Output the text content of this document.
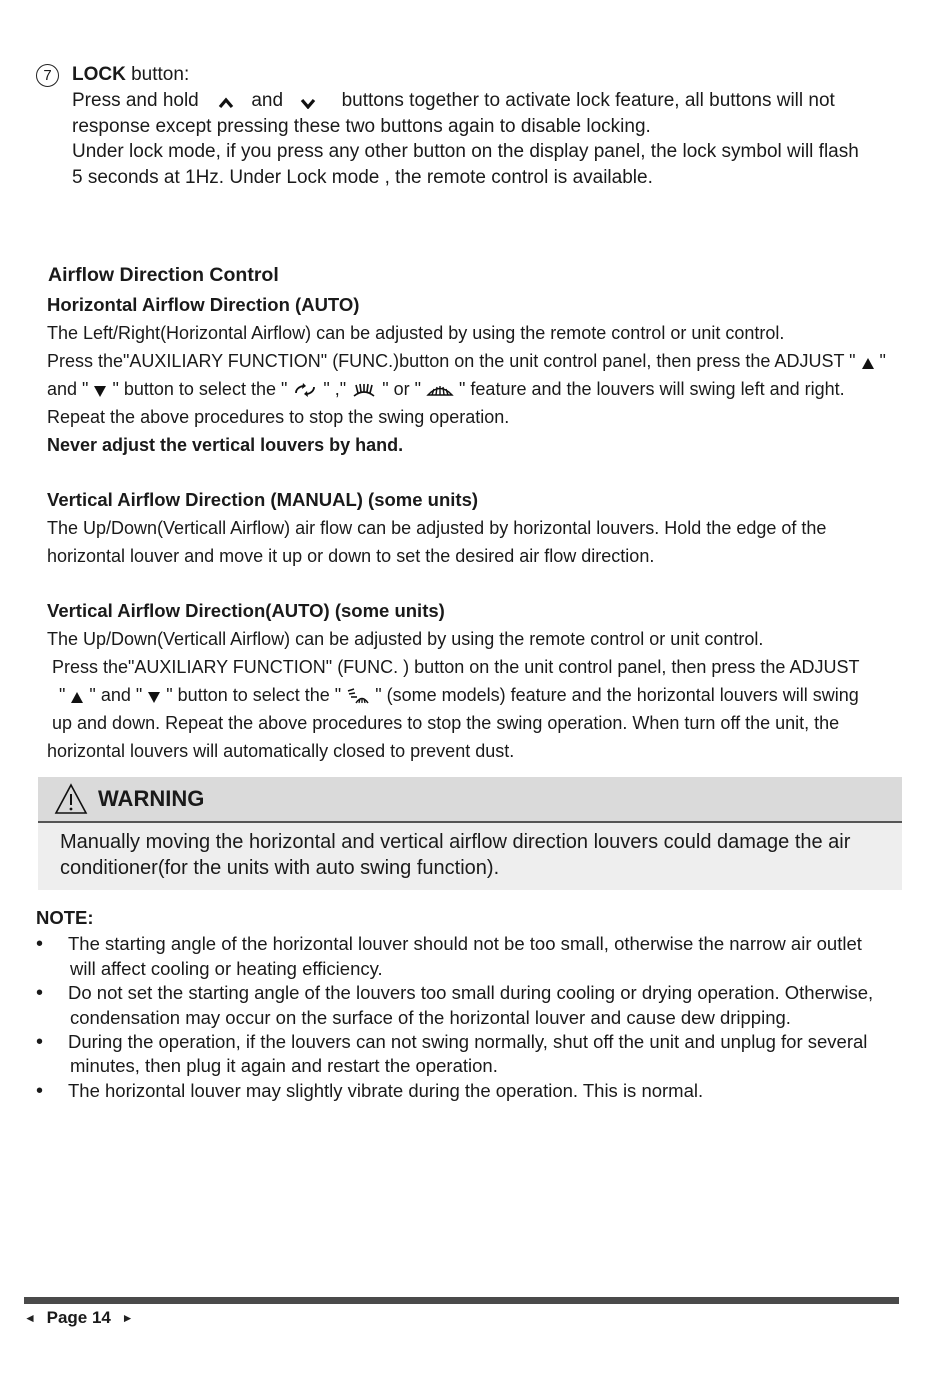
7	LOCK button:
Press and hold	and	buttons together to activate lock feature, all buttons will not
response except pressing these two buttons again to disable locking.
Under lock mode, if you press any other button on the display panel, the lock symbol will flash
5 seconds at 1Hz. Under Lock mode , the remote control is available.
Airflow Direction Control
Horizontal Airflow Direction (AUTO)
The Left/Right(Horizontal Airflow) can be adjusted by using the remote control or unit control.
Press the"AUXILIARY FUNCTION" (FUNC.)button on the unit control panel, then press the ADJUST " "
and " " button to select the " " ," " or " " feature and the louvers will swing left and right.
Repeat the above procedures to stop the swing operation.
Never adjust the vertical louvers by hand.
Vertical Airflow Direction (MANUAL) (some units)
The Up/Down(Verticall Airflow) air flow can be adjusted by horizontal louvers. Hold the edge of the
horizontal louver and move it up or down to set the desired air flow direction.
Vertical Airflow Direction(AUTO) (some units)
The Up/Down(Verticall Airflow) can be adjusted by using the remote control or unit control.
Press the"AUXILIARY FUNCTION" (FUNC. ) button on the unit control panel, then press the ADJUST
" " and " " button to select the " " (some models) feature and the horizontal louvers will swing
up and down. Repeat the above procedures to stop the swing operation. When turn off the unit, the
horizontal louvers will automatically closed to prevent dust.
WARNING
Manually moving the horizontal and vertical airflow direction louvers could damage the air conditioner(for the units with auto swing function).
NOTE:
• The starting angle of the horizontal louver should not be too small, otherwise the narrow air outlet
will affect cooling or heating efficiency.
• Do not set the starting angle of the louvers too small during cooling or drying operation. Otherwise,
condensation may occur on the surface of the horizontal louver and cause dew dripping.
• During the operation, if the louvers can not swing normally, shut off the unit and unplug for several
minutes, then plug it again and restart the operation.
• The horizontal louver may slightly vibrate during the operation. This is normal.
◄ Page 14 ►
